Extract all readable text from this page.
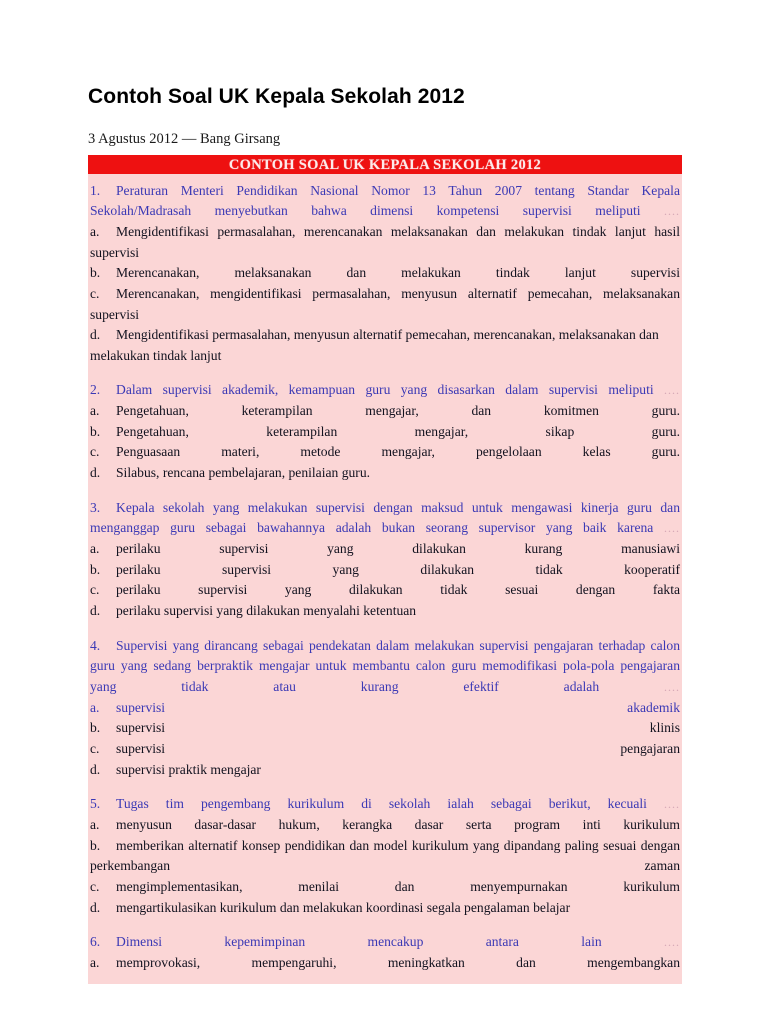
Contoh Soal UK Kepala Sekolah 2012

3 Agustus 2012 — Bang Girsang

CONTOH SOAL UK KEPALA SEKOLAH 2012

1. Peraturan Menteri Pendidikan Nasional Nomor 13 Tahun 2007 tentang Standar Kepala Sekolah/Madrasah menyebutkan bahwa dimensi kompetensi supervisi meliputi ....

a. Mengidentifikasi permasalahan, merencanakan melaksanakan dan melakukan tindak lanjut hasil supervisi

b. Merencanakan, melaksanakan dan melakukan tindak lanjut supervisi

c. Merencanakan, mengidentifikasi permasalahan, menyusun alternatif pemecahan, melaksanakan supervisi

d. Mengidentifikasi permasalahan, menyusun alternatif pemecahan, merencanakan, melaksanakan dan melakukan tindak lanjut

2. Dalam supervisi akademik, kemampuan guru yang disasarkan dalam supervisi meliputi ....

a. Pengetahuan, keterampilan mengajar, dan komitmen guru.

b. Pengetahuan, keterampilan mengajar, sikap guru.

c. Penguasaan materi, metode mengajar, pengelolaan kelas guru.

d. Silabus, rencana pembelajaran, penilaian guru.

3. Kepala sekolah yang melakukan supervisi dengan maksud untuk mengawasi kinerja guru dan menganggap guru sebagai bawahannya adalah bukan seorang supervisor yang baik karena ....

a. perilaku supervisi yang dilakukan kurang manusiawi

b. perilaku supervisi yang dilakukan tidak kooperatif

c. perilaku supervisi yang dilakukan tidak sesuai dengan fakta

d. perilaku supervisi yang dilakukan menyalahi ketentuan

4. Supervisi yang dirancang sebagai pendekatan dalam melakukan supervisi pengajaran terhadap calon guru yang sedang berpraktik mengajar untuk membantu calon guru memodifikasi pola-pola pengajaran yang tidak atau kurang efektif adalah	....

a. supervisi akademik

b. supervisi klinis

c. supervisi pengajaran

d. supervisi praktik mengajar

5. Tugas tim pengembang kurikulum di sekolah ialah sebagai berikut, kecuali ....

a. menyusun dasar-dasar hukum, kerangka dasar serta program inti kurikulum

b. memberikan alternatif konsep pendidikan dan model kurikulum yang dipandang paling sesuai dengan perkembangan zaman

c. mengimplementasikan, menilai dan menyempurnakan kurikulum

d. mengartikulasikan kurikulum dan melakukan koordinasi segala pengalaman belajar

6. Dimensi kepemimpinan mencakup antara lain	....

a. memprovokasi, mempengaruhi, meningkatkan dan mengembangkan
